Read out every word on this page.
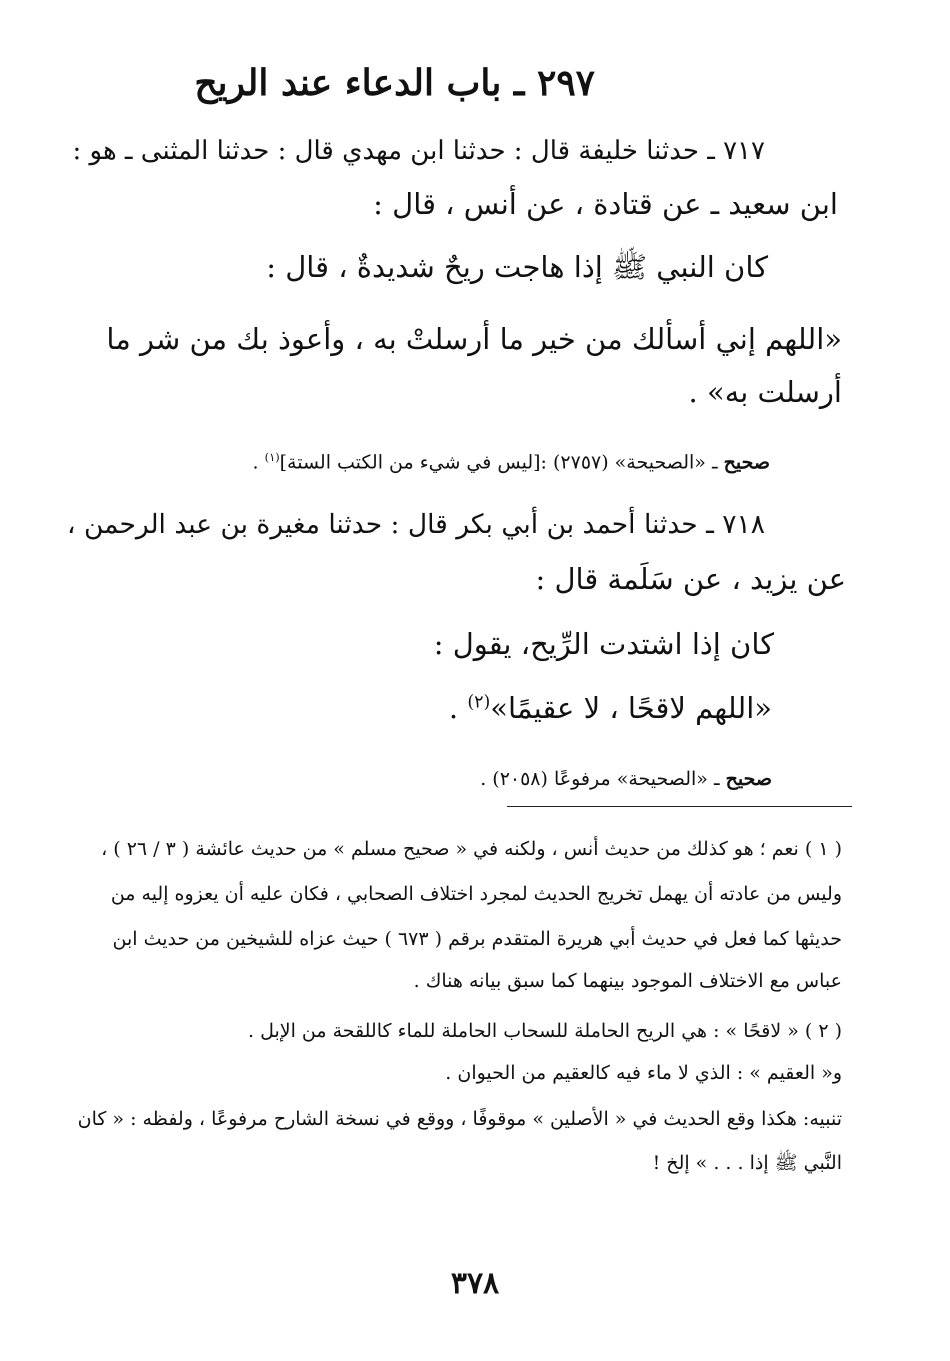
٢٩٧ ـ باب الدعاء عند الريح
٧١٧ ـ حدثنا خليفة قال : حدثنا ابن مهدي قال : حدثنا المثنى ـ هو :
ابن سعيد ـ عن قتادة ، عن أنس ، قال :
كان النبي ﷺ إذا هاجت ريحٌ شديدةٌ ، قال :
«اللهم إني أسألك من خير ما أرسلتْ به ، وأعوذ بك من شر ما
أرسلت به» .
صحيح ـ «الصحيحة» (٢٧٥٧) :[ليس في شيء من الكتب الستة]$^{(١)}$ .
٧١٨ ـ حدثنا أحمد بن أبي بكر قال : حدثنا مغيرة بن عبد الرحمن ،
عن يزيد ، عن سَلَمة قال :
كان إذا اشتدت الرِّيح، يقول :
«اللهم لاقحًا ، لا عقيمًا»$^{(٢)}$ .
صحيح ـ «الصحيحة» مرفوعًا (٢٠٥٨) .
( ١ ) نعم ؛ هو كذلك من حديث أنس ، ولكنه في « صحيح مسلم » من حديث عائشة ( ٣ / ٢٦ ) ،
وليس من عادته أن يهمل تخريج الحديث لمجرد اختلاف الصحابي ، فكان عليه أن يعزوه إليه من
حديثها كما فعل في حديث أبي هريرة المتقدم برقم ( ٦٧٣ ) حيث عزاه للشيخين من حديث ابن
عباس مع الاختلاف الموجود بينهما كما سبق بيانه هناك .
( ٢ ) « لاقحًا » : هي الريح الحاملة للسحاب الحاملة للماء كاللقحة من الإبل .
و« العقيم » : الذي لا ماء فيه كالعقيم من الحيوان .
تنبيه: هكذا وقع الحديث في « الأصلين » موقوفًا ، ووقع في نسخة الشارح مرفوعًا ، ولفظه : « كان
النَّبي ﷺ إذا . . . » إلخ !
٣٧٨
